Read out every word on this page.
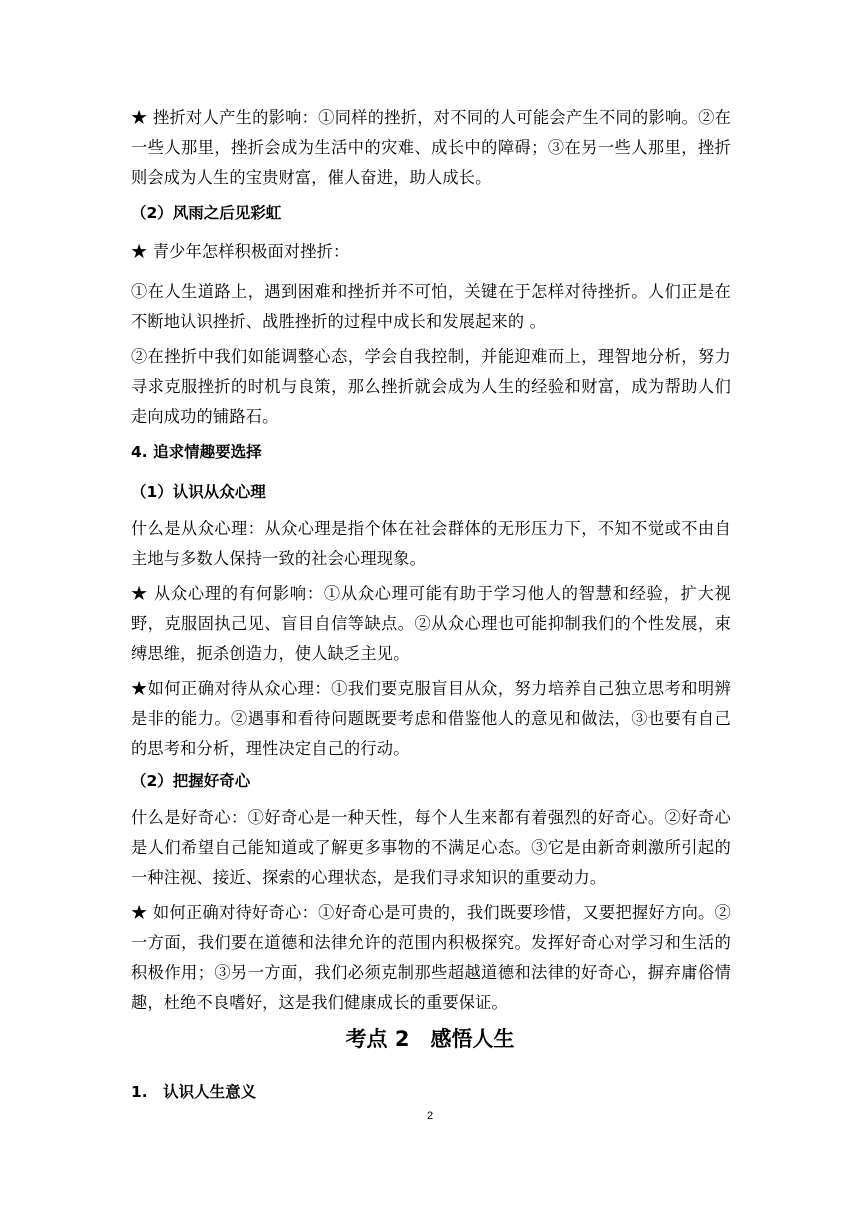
★ 挫折对人产生的影响：①同样的挫折，对不同的人可能会产生不同的影响。②在一些人那里，挫折会成为生活中的灾难、成长中的障碍；③在另一些人那里，挫折则会成为人生的宝贵财富，催人奋进，助人成长。

（2）风雨之后见彩虹

★ 青少年怎样积极面对挫折：

①在人生道路上，遇到困难和挫折并不可怕，关键在于怎样对待挫折。人们正是在不断地认识挫折、战胜挫折的过程中成长和发展起来的 。

②在挫折中我们如能调整心态，学会自我控制，并能迎难而上，理智地分析，努力寻求克服挫折的时机与良策，那么挫折就会成为人生的经验和财富，成为帮助人们走向成功的铺路石。

4. 追求情趣要选择

（1）认识从众心理

什么是从众心理：从众心理是指个体在社会群体的无形压力下，不知不觉或不由自主地与多数人保持一致的社会心理现象。

★ 从众心理的有何影响：①从众心理可能有助于学习他人的智慧和经验，扩大视野，克服固执己见、盲目自信等缺点。②从众心理也可能抑制我们的个性发展，束缚思维，扼杀创造力，使人缺乏主见。

★如何正确对待从众心理：①我们要克服盲目从众，努力培养自己独立思考和明辨是非的能力。②遇事和看待问题既要考虑和借鉴他人的意见和做法，③也要有自己的思考和分析，理性决定自己的行动。

（2）把握好奇心

什么是好奇心：①好奇心是一种天性，每个人生来都有着强烈的好奇心。②好奇心是人们希望自己能知道或了解更多事物的不满足心态。③它是由新奇刺激所引起的一种注视、接近、探索的心理状态，是我们寻求知识的重要动力。

★ 如何正确对待好奇心：①好奇心是可贵的，我们既要珍惜，又要把握好方向。②一方面，我们要在道德和法律允许的范围内积极探究。发挥好奇心对学习和生活的积极作用；③另一方面，我们必须克制那些超越道德和法律的好奇心，摒弃庸俗情趣，杜绝不良嗜好，这是我们健康成长的重要保证。

考点 2　感悟人生

1.　认识人生意义

2
